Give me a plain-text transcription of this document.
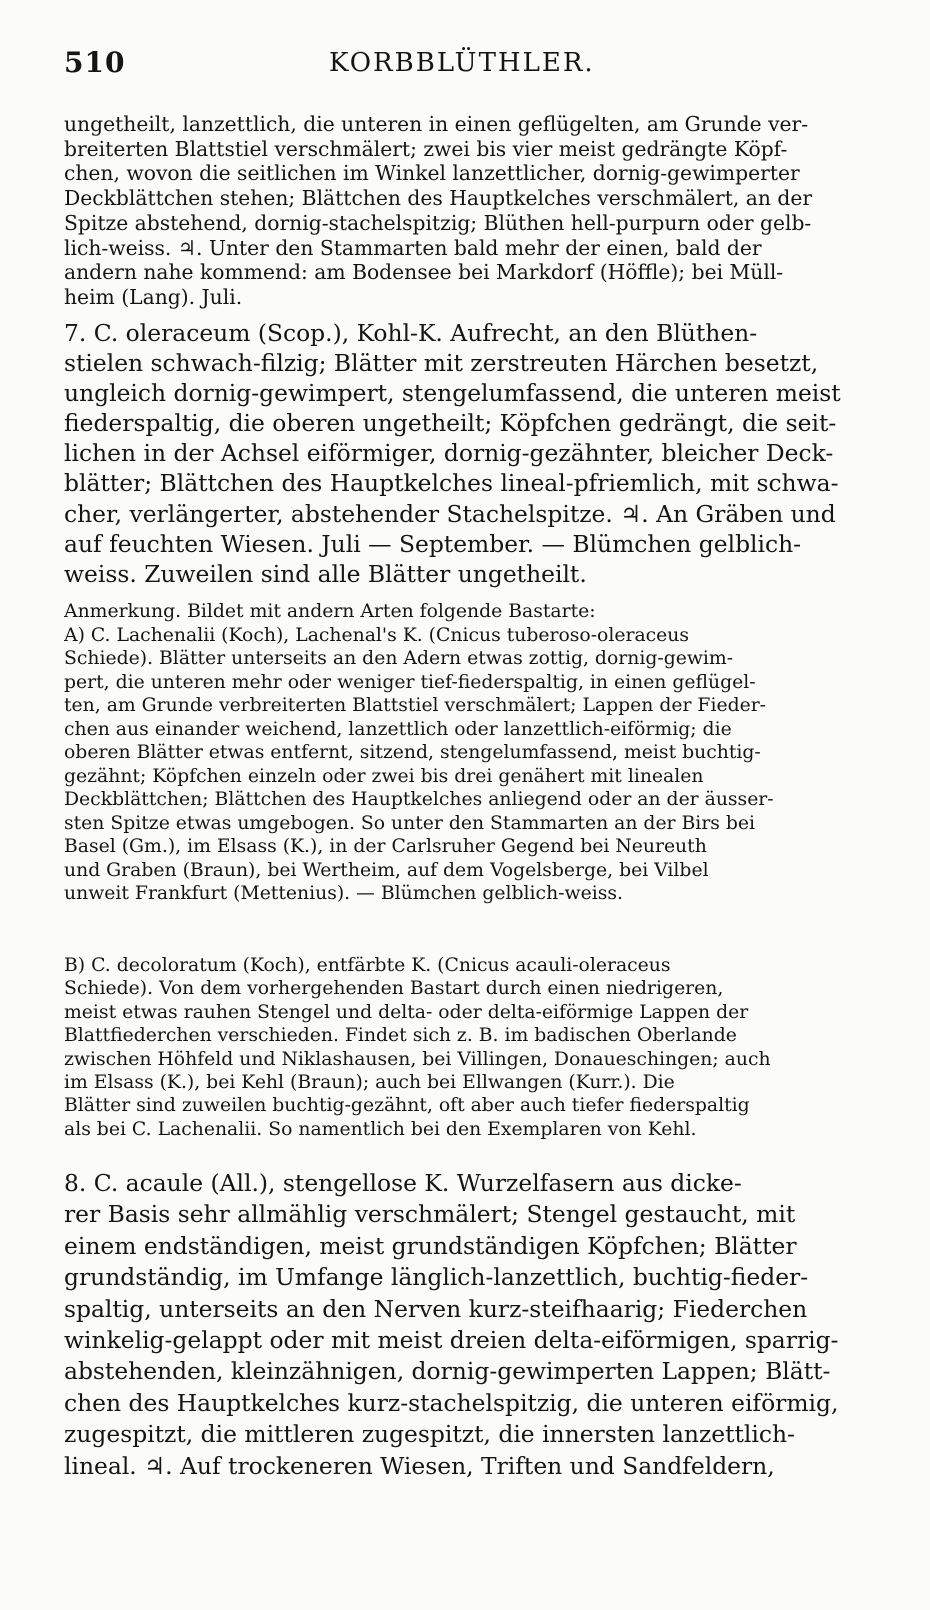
510	KORBBLÜTHLER.
ungetheilt, lanzettlich, die unteren in einen geflügelten, am Grunde ver-
breiterten Blattstiel verschmälert; zwei bis vier meist gedrängte Köpf-
chen, wovon die seitlichen im Winkel lanzettlicher, dornig-gewimperter
Deckblättchen stehen; Blättchen des Hauptkelches verschmälert, an der
Spitze abstehend, dornig-stachelspitzig; Blüthen hell-purpurn oder gelb-
lich-weiss. ♃. Unter den Stammarten bald mehr der einen, bald der
andern nahe kommend: am Bodensee bei Markdorf (Höffle); bei Müll-
heim (Lang). Juli.
7. C. oleraceum (Scop.), Kohl-K. Aufrecht, an den Blüthen-
stielen schwach-filzig; Blätter mit zerstreuten Härchen besetzt,
ungleich dornig-gewimpert, stengelumfassend, die unteren meist
fiederspaltig, die oberen ungetheilt; Köpfchen gedrängt, die seit-
lichen in der Achsel eiförmiger, dornig-gezähnter, bleicher Deck-
blätter; Blättchen des Hauptkelches lineal-pfriemlich, mit schwa-
cher, verlängerter, abstehender Stachelspitze. ♃. An Gräben und
auf feuchten Wiesen. Juli — September. — Blümchen gelblich-
weiss. Zuweilen sind alle Blätter ungetheilt.
Anmerkung. Bildet mit andern Arten folgende Bastarte:
A) C. Lachenalii (Koch), Lachenal's K. (Cnicus tuberoso-oleraceus
Schiede). Blätter unterseits an den Adern etwas zottig, dornig-gewim-
pert, die unteren mehr oder weniger tief-fiederspaltig, in einen geflügel-
ten, am Grunde verbreiterten Blattstiel verschmälert; Lappen der Fieder-
chen aus einander weichend, lanzettlich oder lanzettlich-eiförmig; die
oberen Blätter etwas entfernt, sitzend, stengelumfassend, meist buchtig-
gezähnt; Köpfchen einzeln oder zwei bis drei genähert mit linealen
Deckblättchen; Blättchen des Hauptkelches anliegend oder an der äusser-
sten Spitze etwas umgebogen. So unter den Stammarten an der Birs bei
Basel (Gm.), im Elsass (K.), in der Carlsruher Gegend bei Neureuth
und Graben (Braun), bei Wertheim, auf dem Vogelsberge, bei Vilbel
unweit Frankfurt (Mettenius). — Blümchen gelblich-weiss.
B) C. decoloratum (Koch), entfärbte K. (Cnicus acauli-oleraceus
Schiede). Von dem vorhergehenden Bastart durch einen niedrigeren,
meist etwas rauhen Stengel und delta- oder delta-eiförmige Lappen der
Blattfiederchen verschieden. Findet sich z. B. im badischen Oberlande
zwischen Höhfeld und Niklashausen, bei Villingen, Donaueschingen; auch
im Elsass (K.), bei Kehl (Braun); auch bei Ellwangen (Kurr.). Die
Blätter sind zuweilen buchtig-gezähnt, oft aber auch tiefer fiederspaltig
als bei C. Lachenalii. So namentlich bei den Exemplaren von Kehl.
8. C. acaule (All.), stengellose K. Wurzelfasern aus dicke-
rer Basis sehr allmählig verschmälert; Stengel gestaucht, mit
einem endständigen, meist grundständigen Köpfchen; Blätter
grundständig, im Umfange länglich-lanzettlich, buchtig-fieder-
spaltig, unterseits an den Nerven kurz-steifhaarig; Fiederchen
winkelig-gelappt oder mit meist dreien delta-eiförmigen, sparrig-
abstehenden, kleinzähnigen, dornig-gewimperten Lappen; Blätt-
chen des Hauptkelches kurz-stachelspitzig, die unteren eiförmig,
zugespitzt, die mittleren zugespitzt, die innersten lanzettlich-
lineal. ♃. Auf trockeneren Wiesen, Triften und Sandfeldern,
